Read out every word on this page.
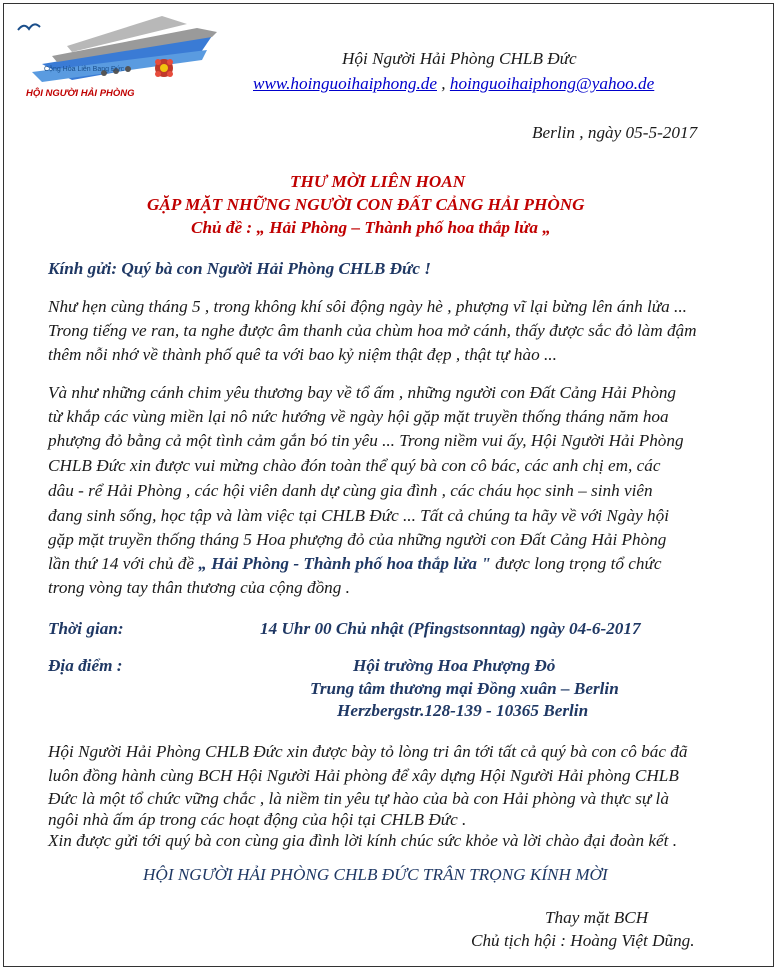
Cộng Hòa Liên Bang Đức
HỘI NGƯỜI HẢI PHÒNG
Hội Người Hải Phòng CHLB Đức
www.hoinguoihaiphong.de , hoinguoihaiphong@yahoo.de
Berlin , ngày 05-5-2017
THƯ MỜI LIÊN HOAN
GẶP MẶT NHỮNG NGƯỜI CON ĐẤT CẢNG HẢI PHÒNG
Chủ đề : „ Hải Phòng – Thành phố hoa thắp lửa „
Kính gửi: Quý bà con Người Hải Phòng CHLB Đức !
Như hẹn cùng tháng 5 , trong không khí sôi động ngày hè , phượng vĩ lại bừng lên ánh lửa ...
Trong tiếng ve ran, ta nghe được âm thanh của chùm hoa mở cánh, thấy được sắc đỏ làm đậm
thêm nỗi nhớ về thành phố quê ta với bao kỷ niệm thật đẹp , thật tự hào ...
Và như những cánh chim yêu thương bay về tổ ấm , những người con Đất Cảng Hải Phòng
từ khắp các vùng miền lại nô nức hướng về ngày hội gặp mặt truyền thống tháng năm hoa
phượng đỏ bằng cả một tình cảm gắn bó tin yêu ... Trong niềm vui ấy, Hội Người Hải Phòng
CHLB Đức xin được vui mừng chào đón toàn thể quý bà con cô bác, các anh chị em, các
dâu - rể Hải Phòng , các hội viên danh dự cùng gia đình , các cháu học sinh – sinh viên
đang sinh sống, học tập và làm việc tại CHLB Đức ... Tất cả chúng ta hãy về với Ngày hội
gặp mặt truyền thống tháng 5 Hoa phượng đỏ của những người con Đất Cảng Hải Phòng
lần thứ 14 với chủ đề „ Hải Phòng - Thành phố hoa thắp lửa " được long trọng tổ chức
trong vòng tay thân thương của cộng đồng .
Thời gian:	14 Uhr 00 Chủ nhật (Pfingstsonntag) ngày 04-6-2017
Địa điểm :	Hội trường Hoa Phượng Đỏ
Trung tâm thương mại Đồng xuân – Berlin
Herzbergstr.128-139 - 10365 Berlin
Hội Người Hải Phòng CHLB Đức xin được bày tỏ lòng tri ân tới tất cả quý bà con cô bác đã
luôn đồng hành cùng BCH Hội Người Hải phòng để xây dựng Hội Người Hải phòng CHLB
Đức là một tổ chức vững chắc , là niềm tin yêu tự hào của bà con Hải phòng và thực sự là
ngôi nhà ấm áp trong các hoạt động của hội tại CHLB Đức .
Xin được gửi tới quý bà con cùng gia đình lời kính chúc sức khỏe và lời chào đại đoàn kết .
HỘI NGƯỜI HẢI PHÒNG CHLB ĐỨC TRÂN TRỌNG KÍNH MỜI
Thay mặt BCH
Chủ tịch hội : Hoàng Việt Dũng.
